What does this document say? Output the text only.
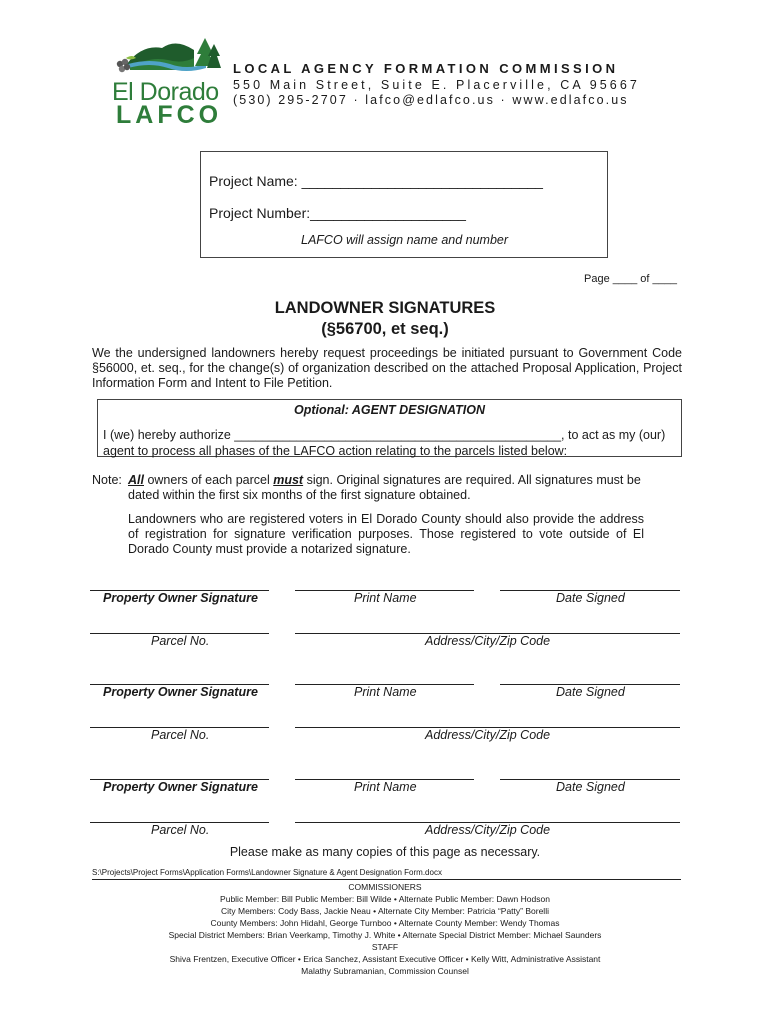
El Dorado
LAFCO
LOCAL AGENCY FORMATION COMMISSION
550 Main Street, Suite E. Placerville, CA 95667
(530) 295-2707 · lafco@edlafco.us · www.edlafco.us
Project Name: _______________________________
Project Number:____________________
LAFCO will assign name and number
Page ____ of ____
LANDOWNER SIGNATURES
(§56700, et seq.)
We the undersigned landowners hereby request proceedings be initiated pursuant to Government Code §56000, et. seq., for the change(s) of organization described on the attached Proposal Application, Project Information Form and Intent to File Petition.
Optional: AGENT DESIGNATION
I (we) hereby authorize _______________________________________________, to act as my (our)
agent to process all phases of the LAFCO action relating to the parcels listed below:
Note: All owners of each parcel must sign. Original signatures are required. All signatures must be dated within the first six months of the first signature obtained.
Landowners who are registered voters in El Dorado County should also provide the address of registration for signature verification purposes. Those registered to vote outside of El Dorado County must provide a notarized signature.
Property Owner Signature	Print Name	Date Signed
Parcel No.	Address/City/Zip Code
Property Owner Signature	Print Name	Date Signed
Parcel No.	Address/City/Zip Code
Property Owner Signature	Print Name	Date Signed
Parcel No.	Address/City/Zip Code
Please make as many copies of this page as necessary.
S:\Projects\Project Forms\Application Forms\Landowner Signature & Agent Designation Form.docx
COMMISSIONERS
Public Member: Bill Public Member: Bill Wilde • Alternate Public Member: Dawn Hodson
City Members: Cody Bass, Jackie Neau • Alternate City Member: Patricia “Patty” Borelli
County Members: John Hidahl, George Turnboo • Alternate County Member: Wendy Thomas
Special District Members: Brian Veerkamp, Timothy J. White • Alternate Special District Member: Michael Saunders
STAFF
Shiva Frentzen, Executive Officer • Erica Sanchez, Assistant Executive Officer • Kelly Witt, Administrative Assistant
Malathy Subramanian, Commission Counsel
